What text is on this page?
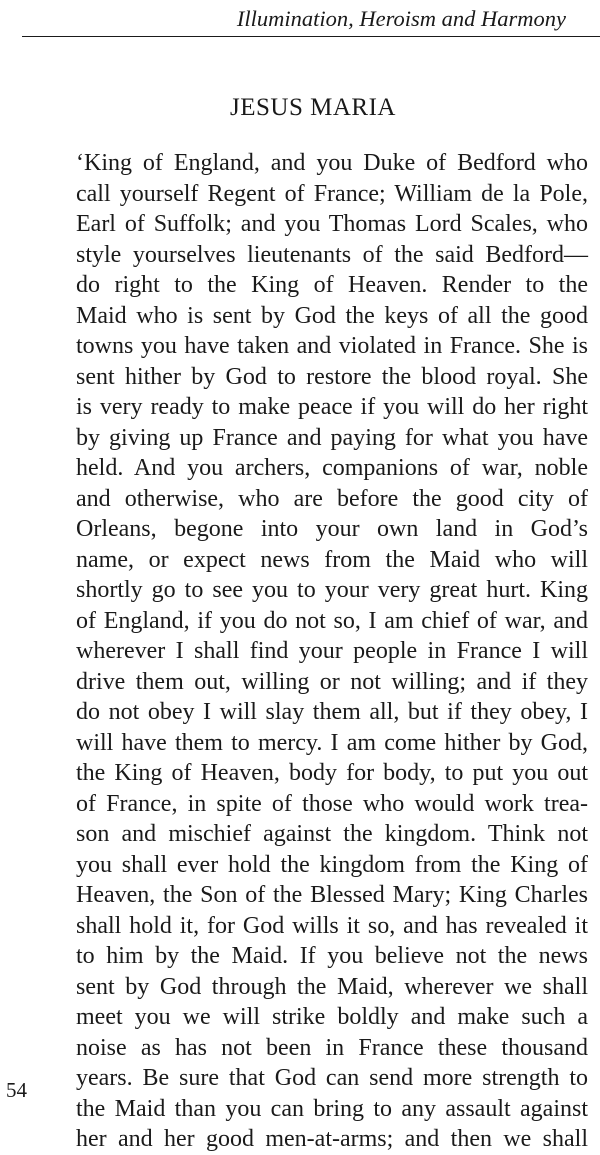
Illumination, Heroism and Harmony
JESUS MARIA
‘King of England, and you Duke of Bedford who
call yourself Regent of France; William de la Pole,
Earl of Suffolk; and you Thomas Lord Scales, who
style yourselves lieutenants of the said Bedford—
do right to the King of Heaven. Render to the
Maid who is sent by God the keys of all the good
towns you have taken and violated in France. She is
sent hither by God to restore the blood royal. She
is very ready to make peace if you will do her right
by giving up France and paying for what you have
held. And you archers, companions of war, noble
and otherwise, who are before the good city of
Orleans, begone into your own land in God’s
name, or expect news from the Maid who will
shortly go to see you to your very great hurt. King
of England, if you do not so, I am chief of war, and
wherever I shall find your people in France I will
drive them out, willing or not willing; and if they
do not obey I will slay them all, but if they obey, I
will have them to mercy. I am come hither by God,
the King of Heaven, body for body, to put you out
of France, in spite of those who would work trea-
son and mischief against the kingdom. Think not
you shall ever hold the kingdom from the King of
Heaven, the Son of the Blessed Mary; King Charles
shall hold it, for God wills it so, and has revealed it
to him by the Maid. If you believe not the news
sent by God through the Maid, wherever we shall
meet you we will strike boldly and make such a
noise as has not been in France these thousand
years. Be sure that God can send more strength to
the Maid than you can bring to any assault against
her and her good men-at-arms; and then we shall
54
